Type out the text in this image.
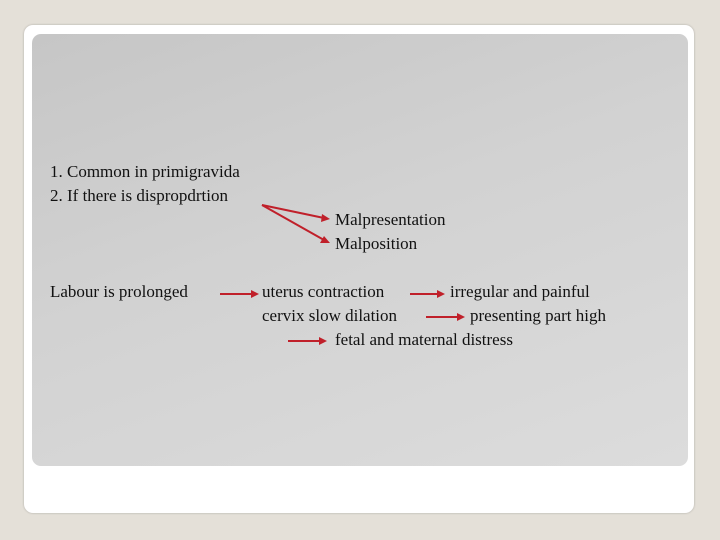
1. Common in primigravida
2. If there is dispropdrtion
Malpresentation
Malposition
Labour is prolonged	uterus contraction	irregular and painful
cervix slow dilation	presenting part high
fetal and maternal distress
